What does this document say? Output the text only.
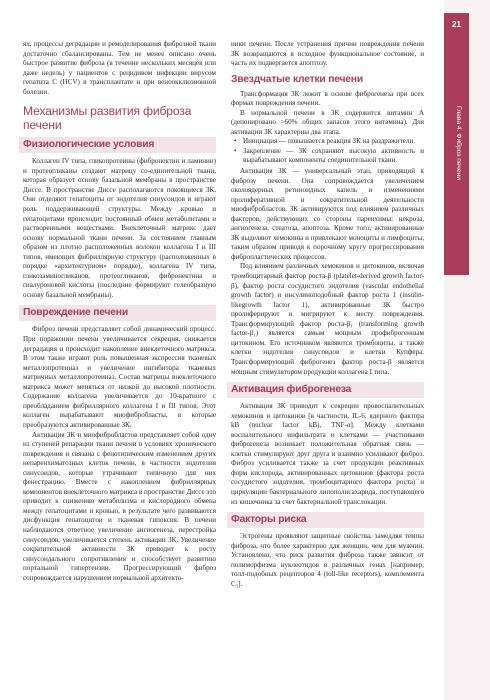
21
Глава 4. Фиброз печени

ях, процессы деградации и ремоделирования фиброзной ткани достаточно сбалансированы. Тем не менее описано очень быстрое развитие фиброза (в течение нескольких месяцев или даже недель) у пациентов с рецидивом инфекции вирусом гепатита С (HCV) в трансплантате и при веноокклюзионной болезни.

Механизмы развития фиброза печени
Физиологические условия

Коллаген IV типа, гликопротеины (фибронектин и ламинин) и протеогликаны создают матрицу со-единительной ткани, которая образует основу базальной мембраны в пространстве Диссе. В пространстве Диссе располагаются покоящиеся ЗК. Они отделяют гепатоциты от эндотелия синусоидов и играют роль поддерживающей структуры. Между кровью и гепатоцитами происходит постоянный обмен метаболитами и растворенными веществами. Внеклеточный матрикс дает основу нормальной ткани печени. За состоянием главным образом из плотно расположенных волокон коллагена I и III типов, имеющих фибриллярную структуру (расположенных в порядке «архитектурном» порядке), коллагена IV типа, гликозаминогликанов, протеогликанов, фибронектина и гиалуроновой кислоты (последние формируют гелеобразную основу базальной мембраны).

Повреждение печени

Фиброз печени представляет собой динамический процесс. При поражении печени увеличивается секреция, снижается деградация и происходит накопление внеклеточного матрикса. В этом также играют роль повышенная экспрессия тканевых металлопротеиназ и увеличение ингибитора тканевых матричных металлопротеиназ. Состав матрицы внеклеточного матрикса может меняться от низкой до высокой плотности. Содержание коллагена увеличивается до 10-кратного с преобладанием фибриллярного коллагена I и III типов. Этот коллаген вырабатывают миофибробласты, в которые преобразуются активированные ЗК.

Активация ЗК и миофибробластов представляет собой одну из ступеней репарации ткани печени в условиях хронического повреждения и связана с фенотипическим изменением других непаренхиматозных клеток печени, в частности эндотелия синусоидов, которые утрачивают типичную для них фенестрацию. Вместе с накоплением фибриллярных компонентов внеклеточного матрикса в пространстве Диссе это приводит к снижению метаболизма и кислородного обмена между гепатоцитами и кровью, в результате чего развиваются дисфункция гепатоцитов и тканевая гипоксия. В печени наблюдаются ответное увеличение ангиогенеза, перестройка синусоидов, увеличивается степень активации ЗК. Увеличение сократительной активности ЗК приводит к росту синусоидального сопротивления и способствует развитию портальной гипертензии. Прогрессирующий фиброз сопровождается нарушением нормальной архитекто-

ники печени. После устранения причин повреждения печени ЗК возвращаются в исходное функциональное состояние, и часть их подвергается апоптозу.

Звездчатые клетки печени

Трансформация ЗК лежит в основе фиброгенеза при всех формах повреждения печени.

В нормальной печени в ЗК содержится витамин А (депонировано >60% общих запасов этого витамина). Для активации ЗК характерны два этапа.

• Инициация — повышается реакция ЗК на раздражители.
• Закрепление — ЗК сохраняют высокую активность и вырабатывают компоненты соединительной ткани.

Активация ЗК — универсальный этап, приводящий к фиброзу печени. Она сопровождается увеличением околоядерных ретиноидных капель и изменениями пролиферативной и сократительной деятельности миофибробластов. ЗК активируются под влиянием различных факторов, действующих со стороны паренхимы: некроза, ангиогенеза, стеатоза, апоптоза. Кроме того, активированные ЗК выделяют хемокины и привлекают моноциты и лимфоциты, таким образом приводя к порочному кругу прогрессирования фибропластических процессов.

Под влиянием различных хемокинов и цитокинов, включая тромбоцитарный фактор роста-β (platelet-derived growth factor-β), фактор роста сосудистого эндотелия (vascular endothelial growth factor) и инсулиноподобный фактор роста 1 (insulin-likegrowth factor 1), активированные ЗК быстро пролиферируют и мигрируют к месту повреждения. Трансформирующий фактор роста-β₁ (transforming growth factor-β₁) является самым мощным профиброгенным цитокином. Его источником являются тромбоциты, а также клетки эндотелия синусоидов и клетки Купфера. Трансформирующий фиброгенез фактор роста-β является мощным стимулятором продукции коллагена I типа.

Активация фиброгенеза

Активация ЗК приводит к секреции провоспалительных хемокинов и цитокинов [в частности, IL-6, ядерного фактора kB (nuclear factor kB), TNF-α]. Между клетками воспалительного инфильтрата и клетками — участниками фиброгенеза возникает положительная обратная связь — клетки стимулируют друг друга и взаимно усиливают фиброз. Фиброз усиливается также за счет продукции реактивных форм кислорода, активированных цитокинов (фактора роста сосудистого эндотелия, тромбоцитарного фактора роста) и циркуляции бактериального липополисахарида, поступающего из кишечника за счет бактериальной транслокации.

Факторы риска

Эстрогены проявляют защитные свойства, замедляя темпы фиброза, что более характерно для женщин, чем для мужчин. Установлено, что риск развития фиброза также зависит от полиморфизма нуклеотидов в различных генах [например, толл-подобных рецепторов 4 (toll-like receptors), комплемента C₃].
